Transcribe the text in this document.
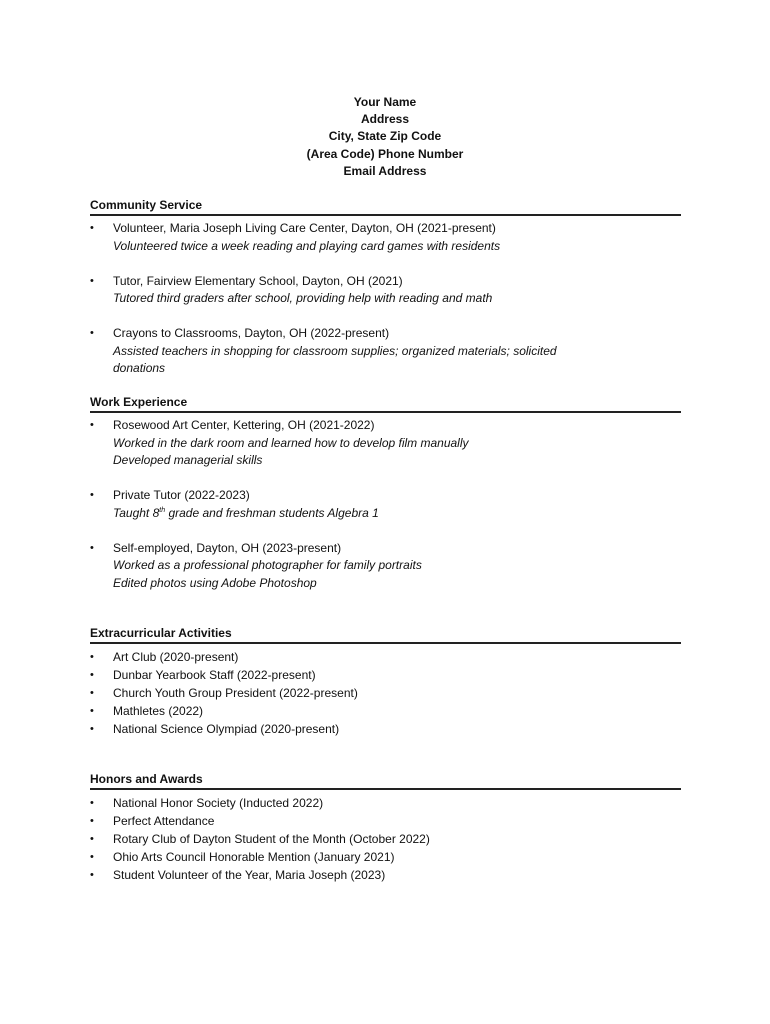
Your Name
Address
City, State Zip Code
(Area Code) Phone Number
Email Address
Community Service
• Volunteer, Maria Joseph Living Care Center, Dayton, OH (2021-present)
Volunteered twice a week reading and playing card games with residents
• Tutor, Fairview Elementary School, Dayton, OH (2021)
Tutored third graders after school, providing help with reading and math
• Crayons to Classrooms, Dayton, OH (2022-present)
Assisted teachers in shopping for classroom supplies; organized materials; solicited donations
Work Experience
• Rosewood Art Center, Kettering, OH (2021-2022)
Worked in the dark room and learned how to develop film manually
Developed managerial skills
• Private Tutor (2022-2023)
Taught 8th grade and freshman students Algebra 1
• Self-employed, Dayton, OH (2023-present)
Worked as a professional photographer for family portraits
Edited photos using Adobe Photoshop
Extracurricular Activities
• Art Club (2020-present)
• Dunbar Yearbook Staff (2022-present)
• Church Youth Group President (2022-present)
• Mathletes (2022)
• National Science Olympiad (2020-present)
Honors and Awards
• National Honor Society (Inducted 2022)
• Perfect Attendance
• Rotary Club of Dayton Student of the Month (October 2022)
• Ohio Arts Council Honorable Mention (January 2021)
• Student Volunteer of the Year, Maria Joseph (2023)
